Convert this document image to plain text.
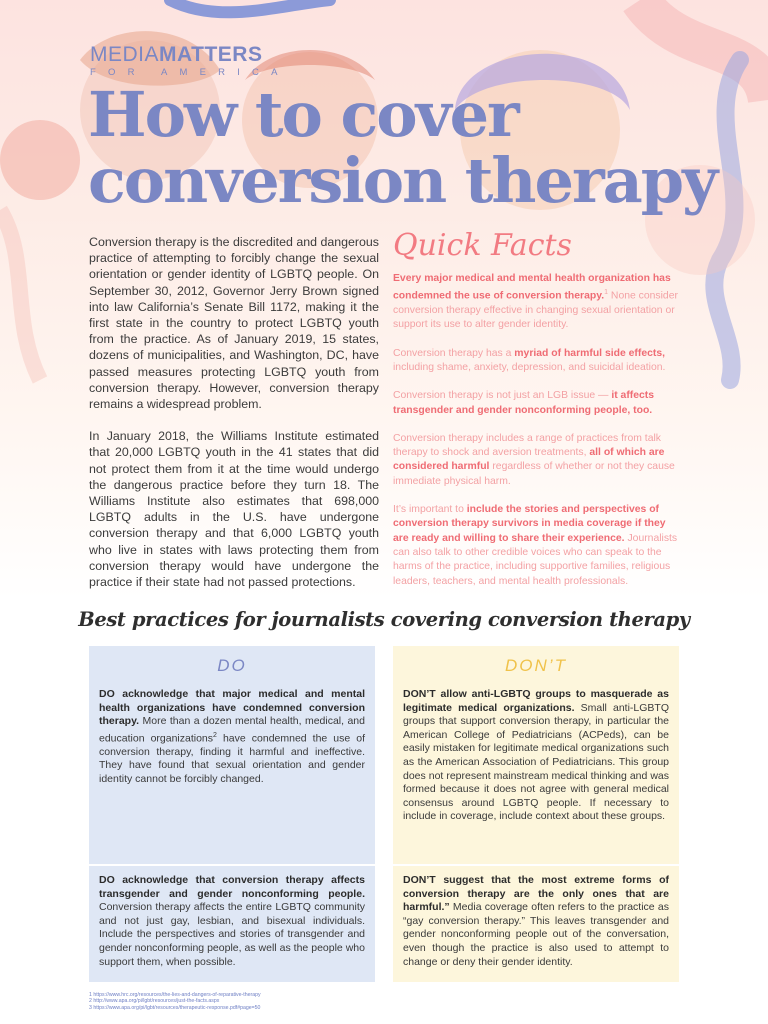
MEDIAMATTERS
FOR AMERICA
How to cover
conversion therapy

Conversion therapy is the discredited and dangerous practice of attempting to forcibly change the sexual orientation or gender identity of LGBTQ people. On September 30, 2012, Governor Jerry Brown signed into law California’s Senate Bill 1172, making it the first state in the country to protect LGBTQ youth from the practice. As of January 2019, 15 states, dozens of municipalities, and Washington, DC, have passed measures protecting LGBTQ youth from conversion therapy. However, conversion therapy remains a widespread problem.

In January 2018, the Williams Institute estimated that 20,000 LGBTQ youth in the 41 states that did not protect them from it at the time would undergo the dangerous practice before they turn 18. The Williams Institute also estimates that 698,000 LGBTQ adults in the U.S. have undergone conversion therapy and that 6,000 LGBTQ youth who live in states with laws protecting them from conversion therapy would have undergone the practice if their state had not passed protections.

Quick Facts

Every major medical and mental health organization has condemned the use of conversion therapy.$^1$ None consider conversion therapy effective in changing sexual orientation or support its use to alter gender identity.

Conversion therapy has a myriad of harmful side effects, including shame, anxiety, depression, and suicidal ideation.

Conversion therapy is not just an LGB issue — it affects transgender and gender nonconforming people, too.

Conversion therapy includes a range of practices from talk therapy to shock and aversion treatments, all of which are considered harmful regardless of whether or not they cause immediate physical harm.

It’s important to include the stories and perspectives of conversion therapy survivors in media coverage if they are ready and willing to share their experience. Journalists can also talk to other credible voices who can speak to the harms of the practice, including supportive families, religious leaders, teachers, and mental health professionals.

Best practices for journalists covering conversion therapy
DO

DO acknowledge that major medical and mental health organizations have condemned conversion therapy. More than a dozen mental health, medical, and education organizations$^2$ have condemned the use of conversion therapy, finding it harmful and ineffective. They have found that sexual orientation and gender identity cannot be forcibly changed.

DO acknowledge that conversion therapy affects transgender and gender nonconforming people. Conversion therapy affects the entire LGBTQ community and not just gay, lesbian, and bisexual individuals. Include the perspectives and stories of transgender and gender nonconforming people, as well as the people who support them, when possible.

DON’T

DON’T allow anti-LGBTQ groups to masquerade as legitimate medical organizations. Small anti-LGBTQ groups that support conversion therapy, in particular the American College of Pediatricians (ACPeds), can be easily mistaken for legitimate medical organizations such as the American Association of Pediatricians. This group does not represent mainstream medical thinking and was formed because it does not agree with general medical consensus around LGBTQ people. If necessary to include in coverage, include context about these groups.

DON’T suggest that the most extreme forms of conversion therapy are the only ones that are harmful.” Media coverage often refers to the practice as “gay conversion therapy.” This leaves transgender and gender nonconforming people out of the conversation, even though the practice is also used to attempt to change or deny their gender identity.

1 https://www.hrc.org/resources/the-lies-and-dangers-of-reparative-therapy
2 http://www.apa.org/pi/lgbt/resources/just-the-facts.aspx
3 https://www.apa.org/pi/lgbt/resources/therapeutic-response.pdf#page=50
